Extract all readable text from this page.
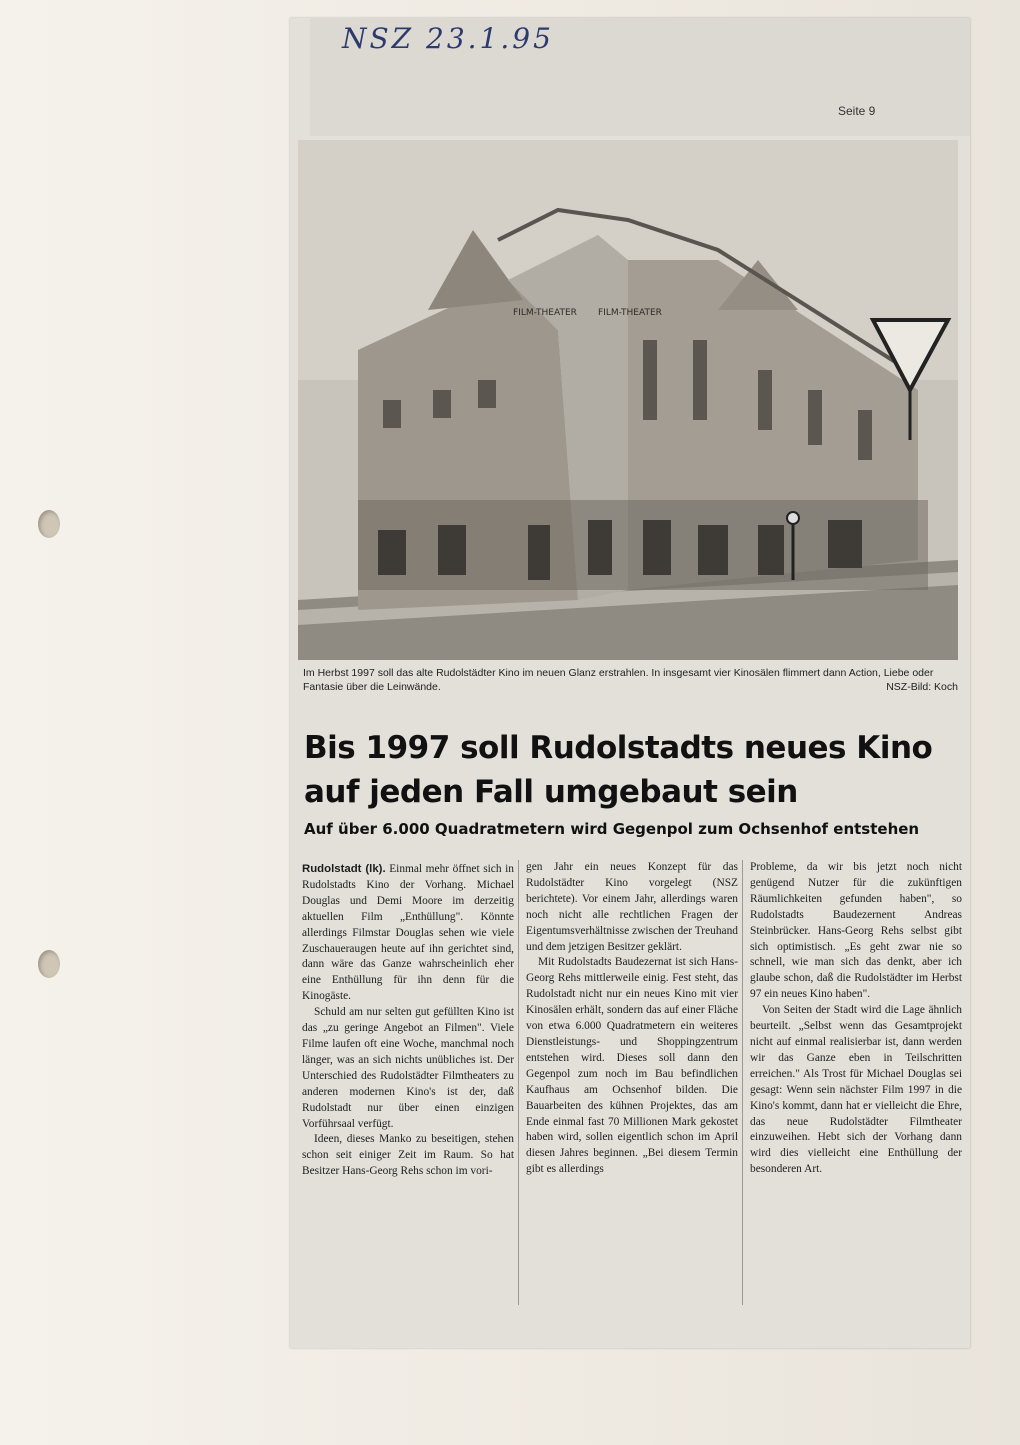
NSZ 23.1.95
Seite 9
FILM-THEATER FILM-THEATER
Im Herbst 1997 soll das alte Rudolstädter Kino im neuen Glanz erstrahlen. In insgesamt vier Kinosälen flimmert dann Action, Liebe oder Fantasie über die Leinwände.	NSZ-Bild: Koch
Bis 1997 soll Rudolstadts neues Kino
auf jeden Fall umgebaut sein
Auf über 6.000 Quadratmetern wird Gegenpol zum Ochsenhof entstehen

Rudolstadt (lk). Einmal mehr öffnet sich in Rudolstadts Kino der Vorhang. Michael Douglas und Demi Moore im derzeitig aktuellen Film „Enthüllung". Könnte allerdings Filmstar Douglas sehen wie viele Zuschaueraugen heute auf ihn gerichtet sind, dann wäre das Ganze wahrscheinlich eher eine Enthüllung für ihn denn für die Kinogäste.

Schuld am nur selten gut gefüllten Kino ist das „zu geringe Angebot an Filmen". Viele Filme laufen oft eine Woche, manchmal noch länger, was an sich nichts unübliches ist. Der Unterschied des Rudolstädter Filmtheaters zu anderen modernen Kino's ist der, daß Rudolstadt nur über einen einzigen Vorführsaal verfügt.

Ideen, dieses Manko zu beseitigen, stehen schon seit einiger Zeit im Raum. So hat Besitzer Hans-Georg Rehs schon im vori-

gen Jahr ein neues Konzept für das Rudolstädter Kino vorgelegt (NSZ berichtete). Vor einem Jahr, allerdings waren noch nicht alle rechtlichen Fragen der Eigentumsverhältnisse zwischen der Treuhand und dem jetzigen Besitzer geklärt.

Mit Rudolstadts Baudezernat ist sich Hans-Georg Rehs mittlerweile einig. Fest steht, das Rudolstadt nicht nur ein neues Kino mit vier Kinosälen erhält, sondern das auf einer Fläche von etwa 6.000 Quadratmetern ein weiteres Dienstleistungs- und Shoppingzentrum entstehen wird. Dieses soll dann den Gegenpol zum noch im Bau befindlichen Kaufhaus am Ochsenhof bilden. Die Bauarbeiten des kühnen Projektes, das am Ende einmal fast 70 Millionen Mark gekostet haben wird, sollen eigentlich schon im April diesen Jahres beginnen. „Bei diesem Termin gibt es allerdings

Probleme, da wir bis jetzt noch nicht genügend Nutzer für die zukünftigen Räumlichkeiten gefunden haben", so Rudolstadts Baudezernent Andreas Steinbrücker. Hans-Georg Rehs selbst gibt sich optimistisch. „Es geht zwar nie so schnell, wie man sich das denkt, aber ich glaube schon, daß die Rudolstädter im Herbst 97 ein neues Kino haben".

Von Seiten der Stadt wird die Lage ähnlich beurteilt. „Selbst wenn das Gesamtprojekt nicht auf einmal realisierbar ist, dann werden wir das Ganze eben in Teilschritten erreichen." Als Trost für Michael Douglas sei gesagt: Wenn sein nächster Film 1997 in die Kino's kommt, dann hat er vielleicht die Ehre, das neue Rudolstädter Filmtheater einzuweihen. Hebt sich der Vorhang dann wird dies vielleicht eine Enthüllung der besonderen Art.
